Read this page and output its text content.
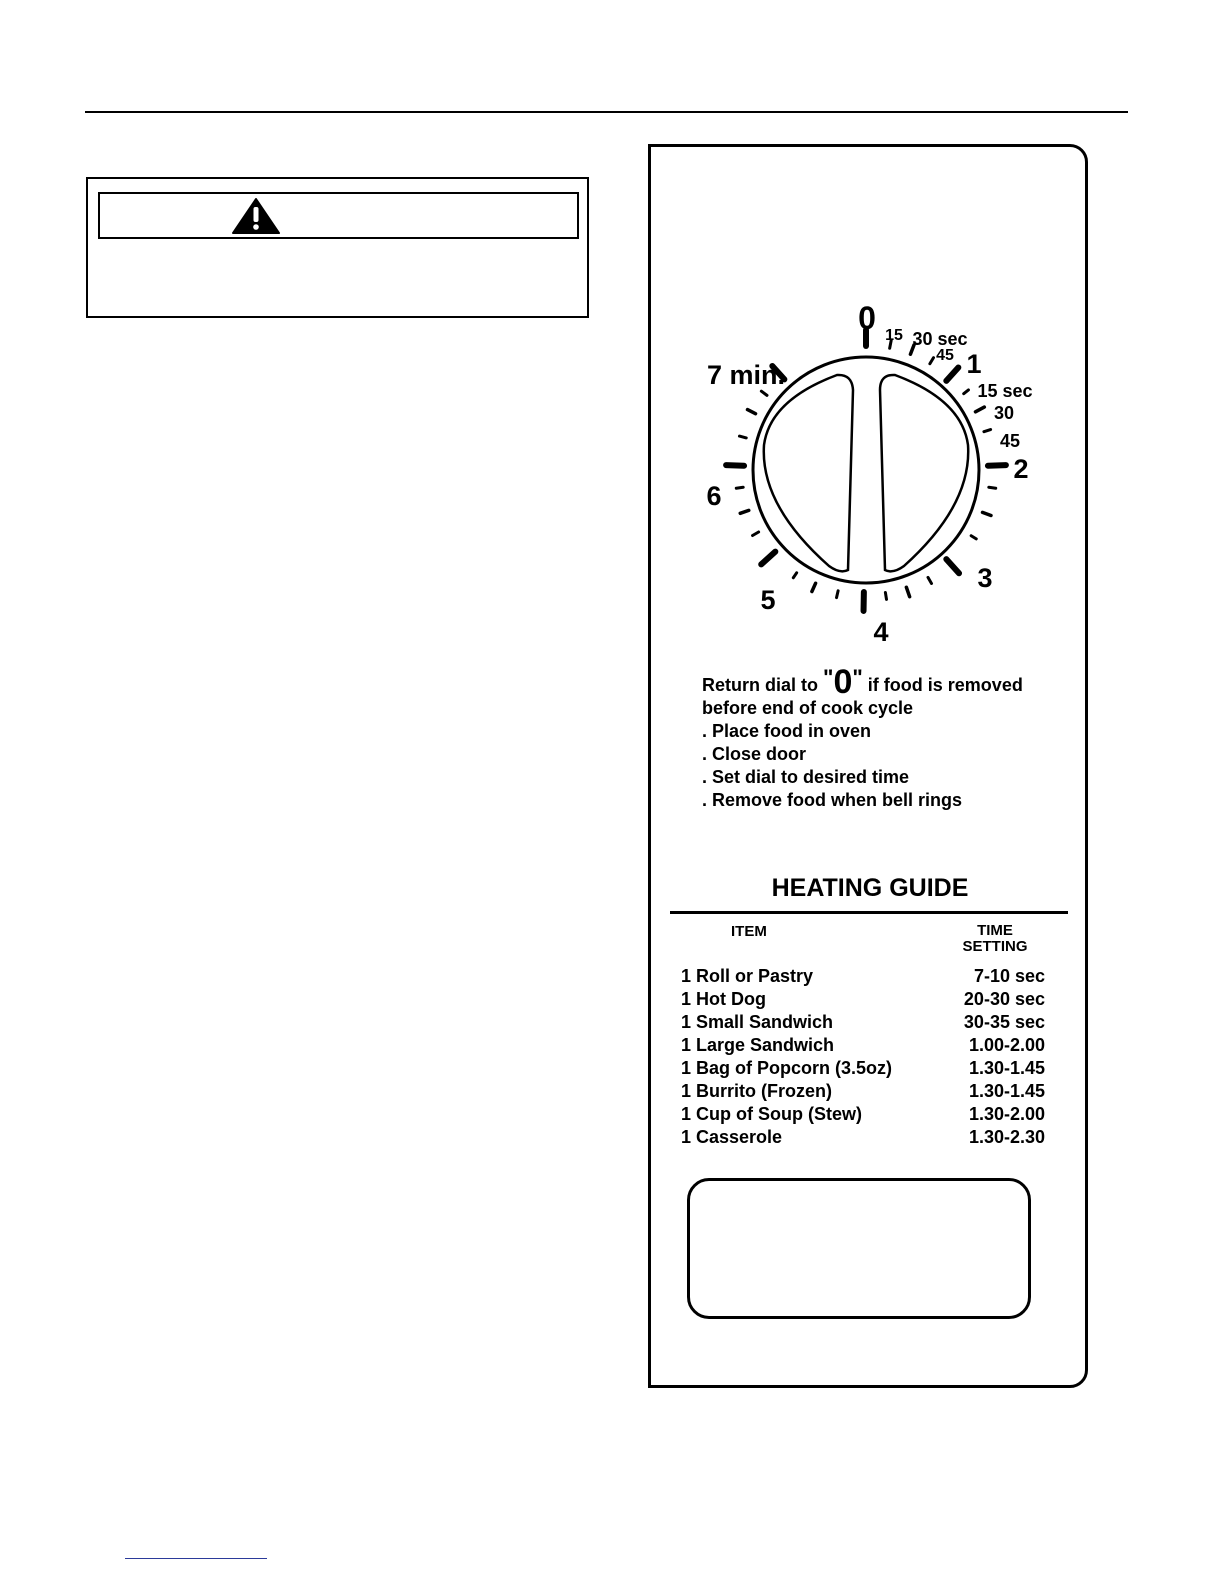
0
1
2
3
4
5
6
7 min.
15 30 sec
45
15 sec
30
45
Return dial to "0" if food is removed
before end of cook cycle
. Place food in oven
. Close door
. Set dial to desired time
. Remove food when bell rings
HEATING GUIDE
ITEM	TIME
SETTING
1 Roll or Pastry	7-10 sec
1 Hot Dog	20-30 sec
1 Small Sandwich	30-35 sec
1 Large Sandwich	1.00-2.00
1 Bag of Popcorn (3.5oz)	1.30-1.45
1 Burrito (Frozen)	1.30-1.45
1 Cup of Soup (Stew)	1.30-2.00
1 Casserole	1.30-2.30
